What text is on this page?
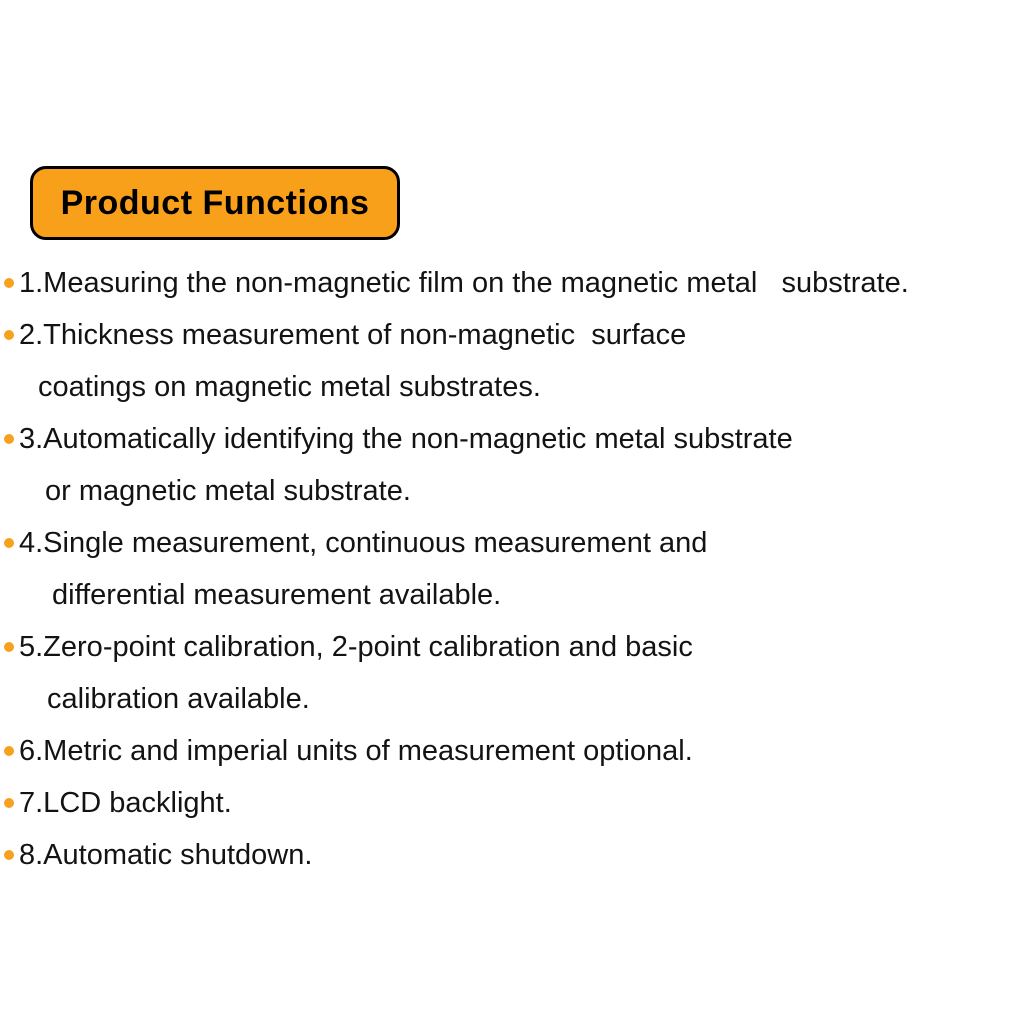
Product Functions
1.Measuring the non-magnetic film on the magnetic metal   substrate.
2.Thickness measurement of non-magnetic  surface
coatings on magnetic metal substrates.
3.Automatically identifying the non-magnetic metal substrate
or magnetic metal substrate.
4.Single measurement, continuous measurement and
differential measurement available.
5.Zero-point calibration, 2-point calibration and basic
calibration available.
6.Metric and imperial units of measurement optional.
7.LCD backlight.
8.Automatic shutdown.
